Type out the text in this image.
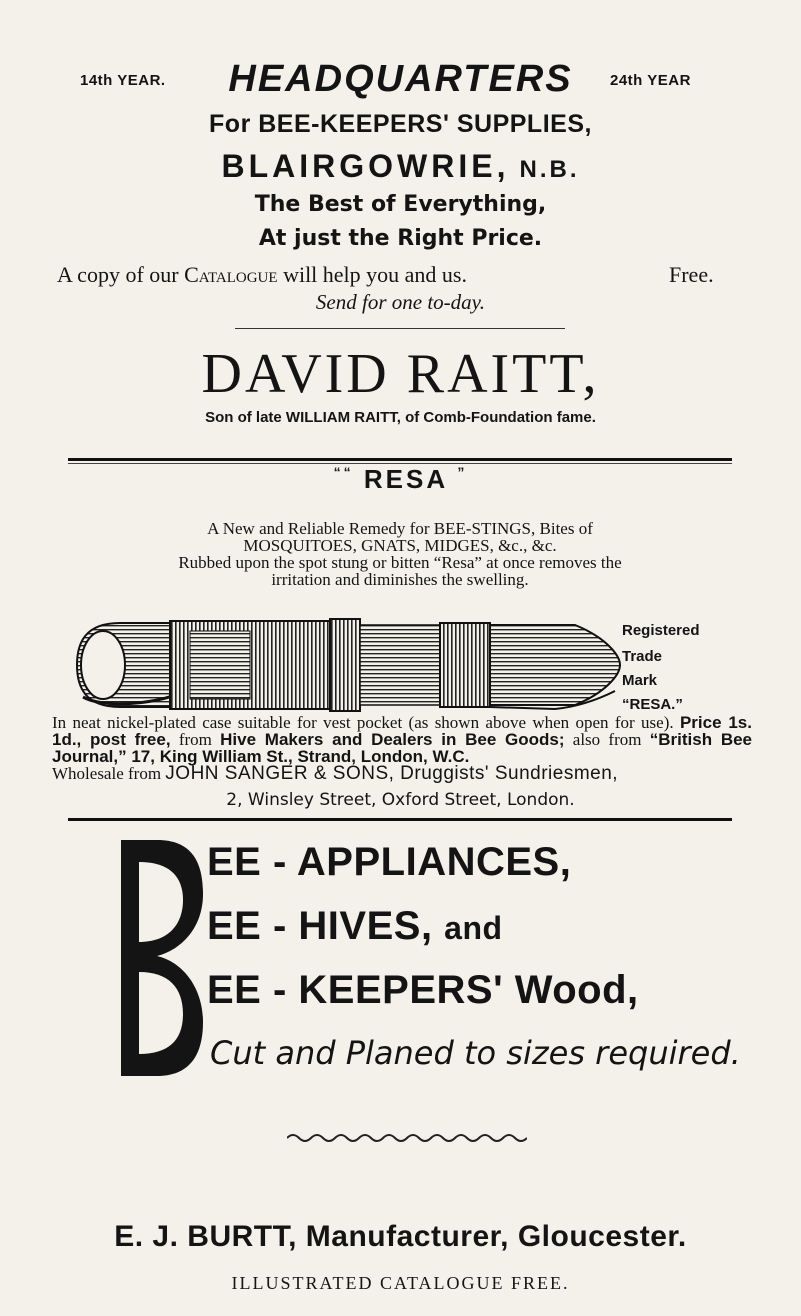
14th YEAR.	HEADQUARTERS	24th YEAR
For BEE-KEEPERS' SUPPLIES,
BLAIRGOWRIE, N.B.
The Best of Everything,
At just the Right Price.
A copy of our Catalogue will help you and us.	Free.
Send for one to-day.
DAVID RAITT,
Son of late WILLIAM RAITT, of Comb-Foundation fame.
““ RESA ”
A New and Reliable Remedy for BEE-STINGS, Bites of
MOSQUITOES, GNATS, MIDGES, &c., &c.
Rubbed upon the spot stung or bitten “Resa” at once removes the
irritation and diminishes the swelling.
Registered
Trade
Mark
“RESA.”
In neat nickel-plated case suitable for vest pocket (as shown above when open for use). Price 1s. 1d., post free, from Hive Makers and Dealers in Bee Goods; also from “British Bee Journal,” 17, King William St., Strand, London, W.C.
Wholesale from JOHN SANGER & SONS, Druggists' Sundriesmen,
2, Winsley Street, Oxford Street, London.
B
EE - APPLIANCES,
EE - HIVES, and
EE - KEEPERS' Wood,
Cut and Planed to sizes required.
E. J. BURTT, Manufacturer, Gloucester.
ILLUSTRATED CATALOGUE FREE.
